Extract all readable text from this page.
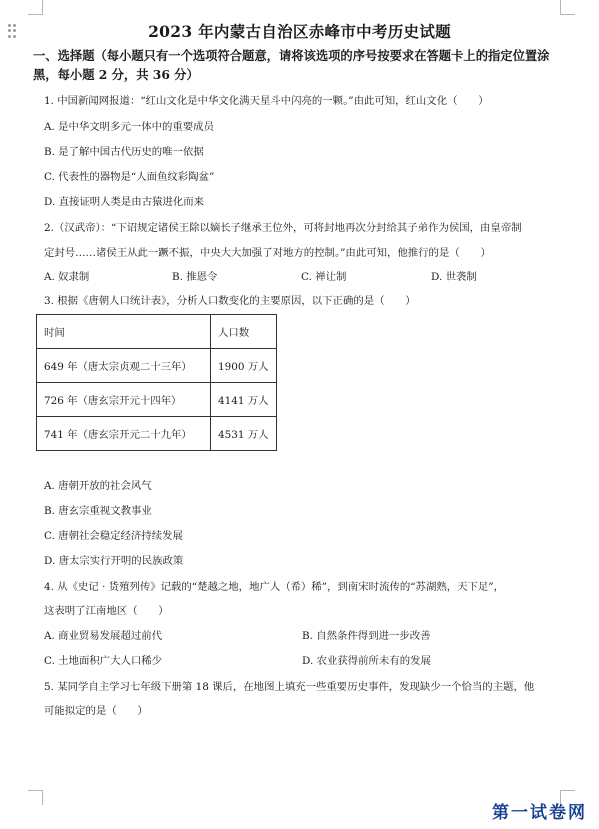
2023 年内蒙古自治区赤峰市中考历史试题
一、选择题（每小题只有一个选项符合题意，请将该选项的序号按要求在答题卡上的指定位置涂黑，每小题 2 分，共 36 分）
1. 中国新闻网报道：“红山文化是中华文化满天星斗中闪亮的一颗。”由此可知，红山文化（　　）
A. 是中华文明多元一体中的重要成员
B. 是了解中国古代历史的唯一依据
C. 代表性的器物是“人面鱼纹彩陶盆”
D. 直接证明人类是由古猿进化而来
2.（汉武帝）：“下诏规定诸侯王除以嫡长子继承王位外，可将封地再次分封给其子弟作为侯国，由皇帝制
定封号……诸侯王从此一蹶不振，中央大大加强了对地方的控制。”由此可知，他推行的是（　　）
A. 奴隶制	B. 推恩令	C. 禅让制	D. 世袭制
3. 根据《唐朝人口统计表》，分析人口数变化的主要原因，以下正确的是（　　）
时间	人口数
649 年（唐太宗贞观二十三年）	1900 万人
726 年（唐玄宗开元十四年）	4141 万人
741 年（唐玄宗开元二十九年）	4531 万人
A. 唐朝开放的社会风气
B. 唐玄宗重视文教事业
C. 唐朝社会稳定经济持续发展
D. 唐太宗实行开明的民族政策
4. 从《史记 · 货殖列传》记载的“楚越之地，地广人（希）稀”，到南宋时流传的“苏湖熟，天下足”，
这表明了江南地区（　　）
A. 商业贸易发展超过前代	B. 自然条件得到进一步改善
C. 土地面积广大人口稀少	D. 农业获得前所未有的发展
5. 某同学自主学习七年级下册第 18 课后，在地图上填充一些重要历史事件，发现缺少一个恰当的主题，他
可能拟定的是（　　）
第一试卷网
